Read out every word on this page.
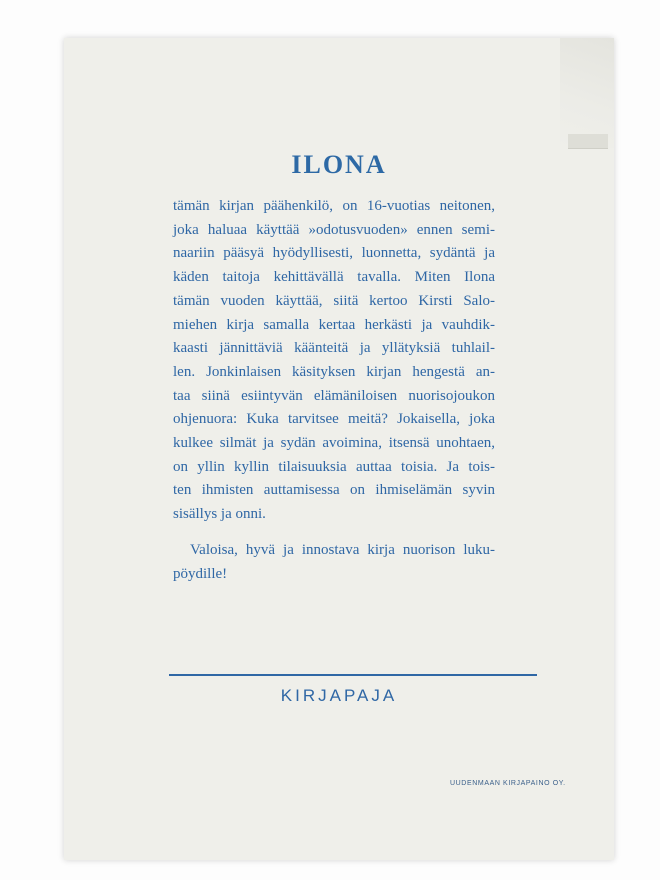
ILONA
tämän kirjan päähenkilö, on 16-vuotias neitonen,
joka haluaa käyttää »odotusvuoden» ennen semi-
naariin pääsyä hyödyllisesti, luonnetta, sydäntä ja
käden taitoja kehittävällä tavalla. Miten Ilona
tämän vuoden käyttää, siitä kertoo Kirsti Salo-
miehen kirja samalla kertaa herkästi ja vauhdik-
kaasti jännittäviä käänteitä ja yllätyksiä tuhlail-
len. Jonkinlaisen käsityksen kirjan hengestä an-
taa siinä esiintyvän elämäniloisen nuorisojoukon
ohjenuora: Kuka tarvitsee meitä? Jokaisella, joka
kulkee silmät ja sydän avoimina, itsensä unohtaen,
on yllin kyllin tilaisuuksia auttaa toisia. Ja tois-
ten ihmisten auttamisessa on ihmiselämän syvin
sisällys ja onni.
Valoisa, hyvä ja innostava kirja nuorison luku-
pöydille!
KIRJAPAJA
UUDENMAAN KIRJAPAINO OY.
